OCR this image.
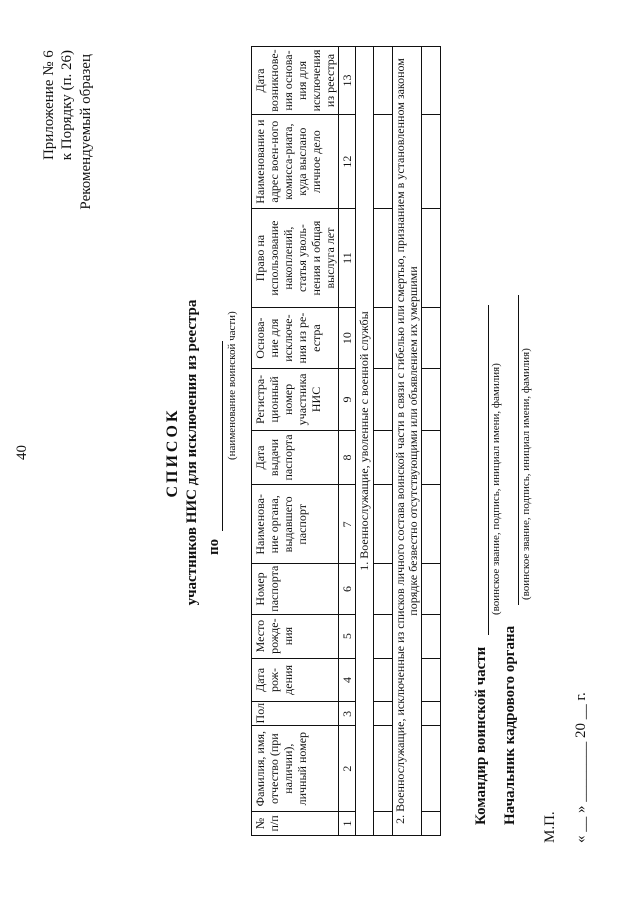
40
Приложение № 6 к Порядку (п. 26) Рекомендуемый образец
СПИСОК участников НИС для исключения из реестра по
(наименование воинской части)
№ п/п	Фамилия, имя, отчество (при наличии), личный номер	Пол	Дата рож-дения	Место рожде-ния	Номер паспорта	Наименова-ние органа, выдавшего паспорт	Дата выдачи паспорта	Регистра-ционный номер участника НИС	Основа-ние для исключе-ния из ре-естра	Право на использование накоплений, статья уволь-нения и общая выслуга лет	Наименование и адрес воен-ного комисса-риата, куда выслано личное дело	Дата возникнове-ния основа-ния для исключения из реестра
1	2	3	4	5	6	7	8	9	10	11	12	13
1. Военнослужащие, уволенные с военной службы												

2. Военнослужащие, исключенные из списков личного состава воинской части в связи с гибелью или смертью, признанием в установленном законом порядке безвестно отсутствующими или объявлением их умершими												

Командир воинской части
(воинское звание, подпись, инициал имени, фамилия)
Начальник кадрового органа
(воинское звание, подпись, инициал имени, фамилия)
М.П. « __ » ________ 20 __ г.
